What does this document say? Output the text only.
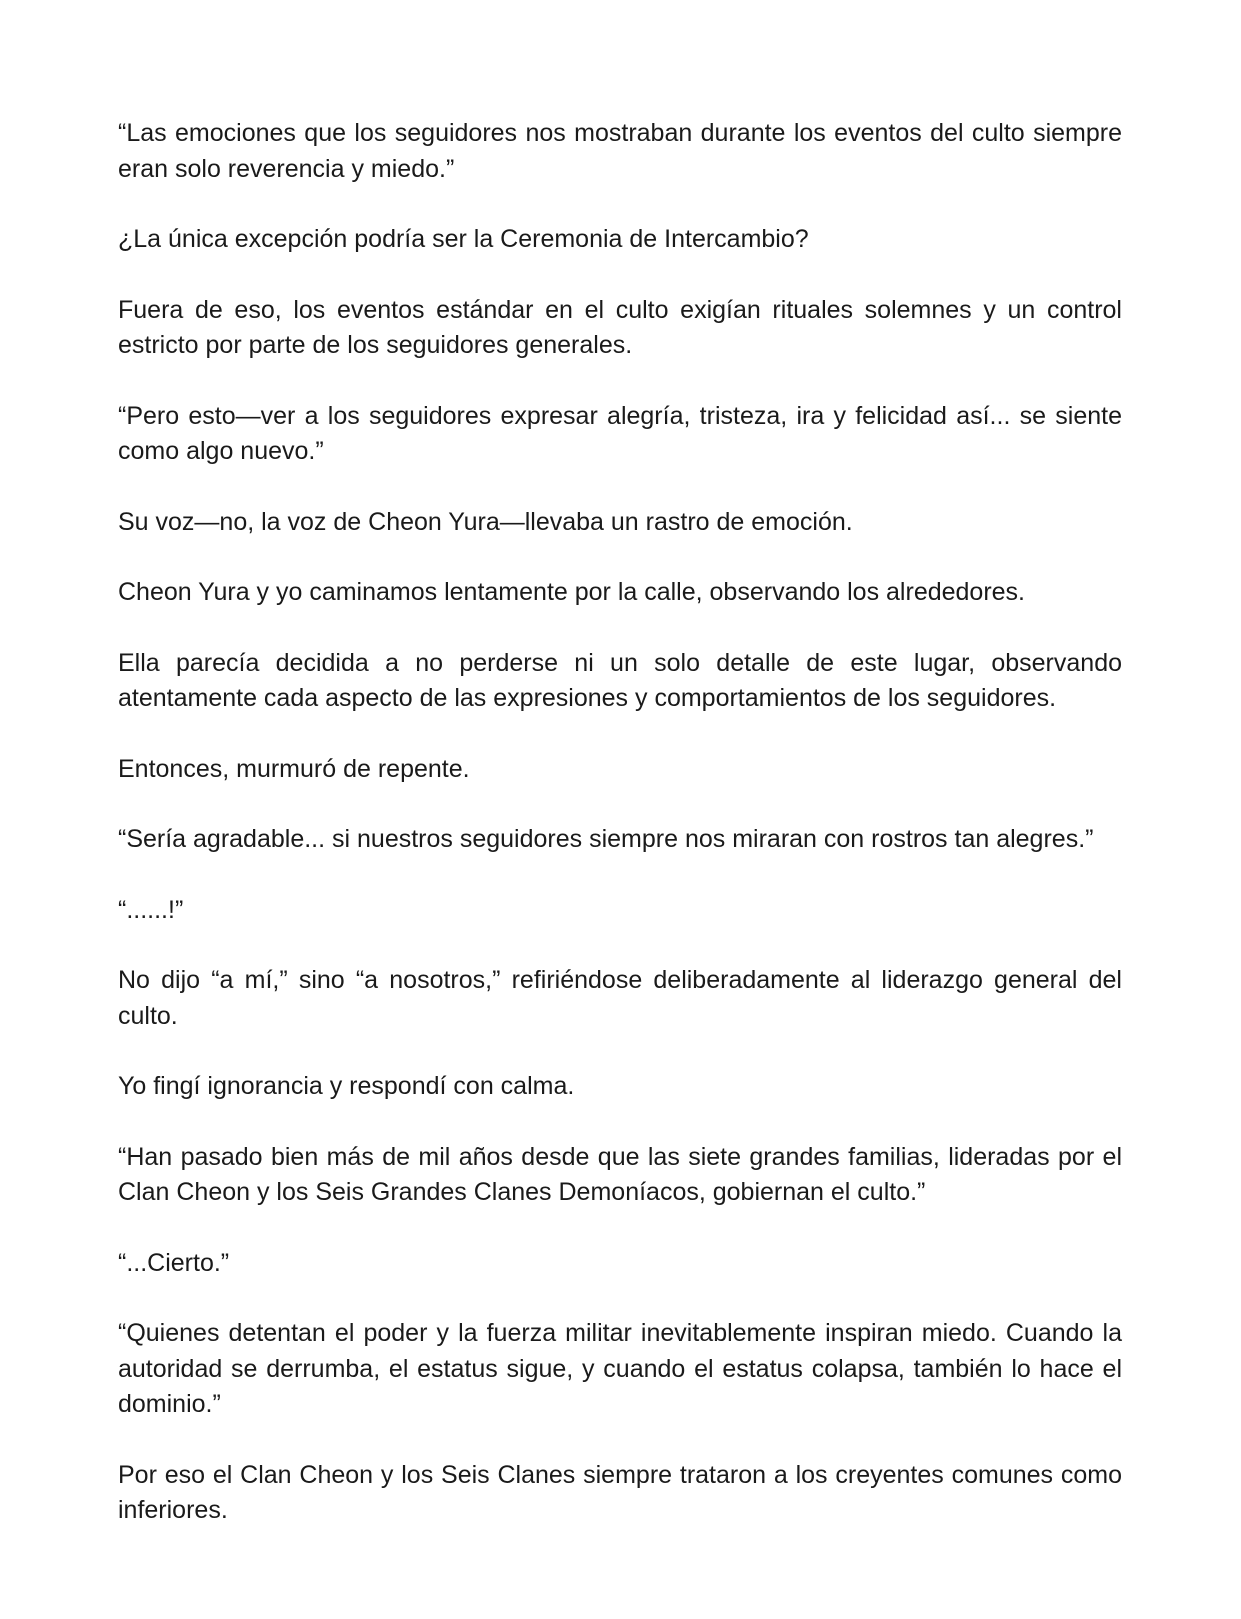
“Las emociones que los seguidores nos mostraban durante los eventos del culto siempre eran solo reverencia y miedo.”

¿La única excepción podría ser la Ceremonia de Intercambio?

Fuera de eso, los eventos estándar en el culto exigían rituales solemnes y un control estricto por parte de los seguidores generales.

“Pero esto—ver a los seguidores expresar alegría, tristeza, ira y felicidad así... se siente como algo nuevo.”

Su voz—no, la voz de Cheon Yura—llevaba un rastro de emoción.

Cheon Yura y yo caminamos lentamente por la calle, observando los alrededores.

Ella parecía decidida a no perderse ni un solo detalle de este lugar, observando atentamente cada aspecto de las expresiones y comportamientos de los seguidores.

Entonces, murmuró de repente.

“Sería agradable... si nuestros seguidores siempre nos miraran con rostros tan alegres.”

“......!”

No dijo “a mí,” sino “a nosotros,” refiriéndose deliberadamente al liderazgo general del culto.

Yo fingí ignorancia y respondí con calma.

“Han pasado bien más de mil años desde que las siete grandes familias, lideradas por el Clan Cheon y los Seis Grandes Clanes Demoníacos, gobiernan el culto.”

“...Cierto.”

“Quienes detentan el poder y la fuerza militar inevitablemente inspiran miedo. Cuando la autoridad se derrumba, el estatus sigue, y cuando el estatus colapsa, también lo hace el dominio.”

Por eso el Clan Cheon y los Seis Clanes siempre trataron a los creyentes comunes como inferiores.
